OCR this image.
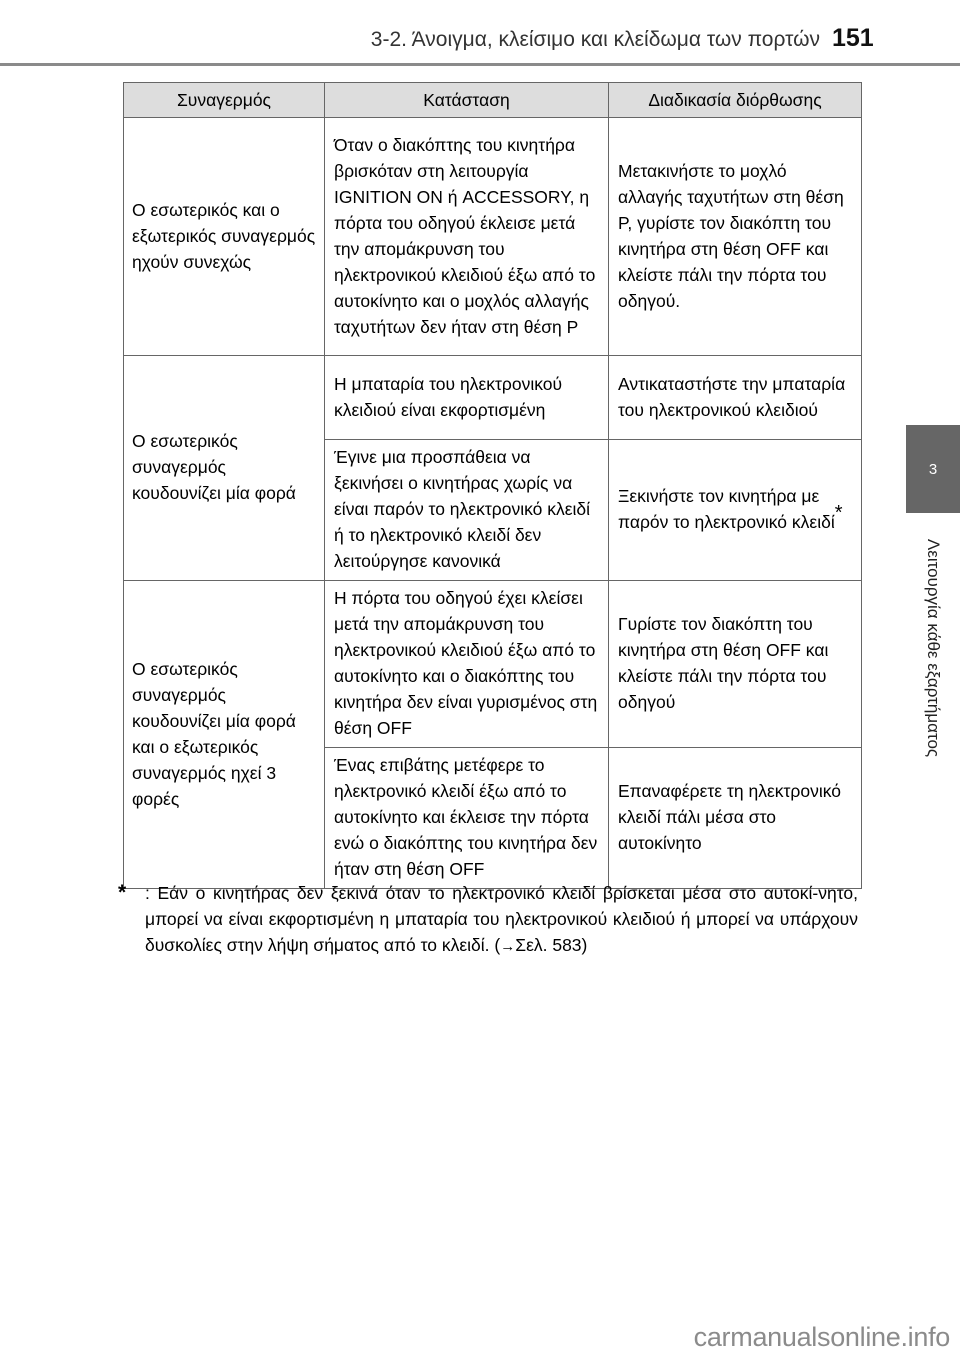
3-2. Άνοιγμα, κλείσιμο και κλείδωμα των πορτών 151
3
Λειτουργία κάθε εξαρτήματος
Συναγερμός	Κατάσταση	Διαδικασία διόρθωσης
Ο εσωτερικός και ο εξωτερικός συναγερμός ηχούν συνεχώς	Όταν ο διακόπτης του κινητήρα βρισκόταν στη λειτουργία IGNITION ON ή ACCESSORY, η πόρτα του οδηγού έκλεισε μετά την απομάκρυνση του ηλεκτρονικού κλειδιού έξω από το αυτοκίνητο και ο μοχλός αλλαγής ταχυτήτων δεν ήταν στη θέση P	Μετακινήστε το μοχλό αλλαγής ταχυτήτων στη θέση P, γυρίστε τον διακόπτη του κινητήρα στη θέση OFF και κλείστε πάλι την πόρτα του οδηγού.
Ο εσωτερικός συναγερμός κουδουνίζει μία φορά	Η μπαταρία του ηλεκτρονικού κλειδιού είναι εκφορτισμένη	Αντικαταστήστε την μπαταρία του ηλεκτρονικού κλειδιού
	Έγινε μια προσπάθεια να ξεκινήσει ο κινητήρας χωρίς να είναι παρόν το ηλεκτρονικό κλειδί ή το ηλεκτρονικό κλειδί δεν λειτούργησε κανονικά	Ξεκινήστε τον κινητήρα με παρόν το ηλεκτρονικό κλειδί*
Ο εσωτερικός συναγερμός κουδουνίζει μία φορά και ο εξωτερικός συναγερμός ηχεί 3 φορές	Η πόρτα του οδηγού έχει κλείσει μετά την απομάκρυνση του ηλεκτρονικού κλειδιού έξω από το αυτοκίνητο και ο διακόπτης του κινητήρα δεν είναι γυρισμένος στη θέση OFF	Γυρίστε τον διακόπτη του κινητήρα στη θέση OFF και κλείστε πάλι την πόρτα του οδηγού
	Ένας επιβάτης μετέφερε το ηλεκτρονικό κλειδί έξω από το αυτοκίνητο και έκλεισε την πόρτα ενώ ο διακόπτης του κινητήρα δεν ήταν στη θέση OFF	Επαναφέρετε τη ηλεκτρονικό κλειδί πάλι μέσα στο αυτοκίνητο
*	: Εάν ο κινητήρας δεν ξεκινά όταν το ηλεκτρονικό κλειδί βρίσκεται μέσα στο αυτοκί-νητο, μπορεί να είναι εκφορτισμένη η μπαταρία του ηλεκτρονικού κλειδιού ή μπορεί να υπάρχουν δυσκολίες στην λήψη σήματος από το κλειδί. (→Σελ. 583)
carmanualsonline.info
